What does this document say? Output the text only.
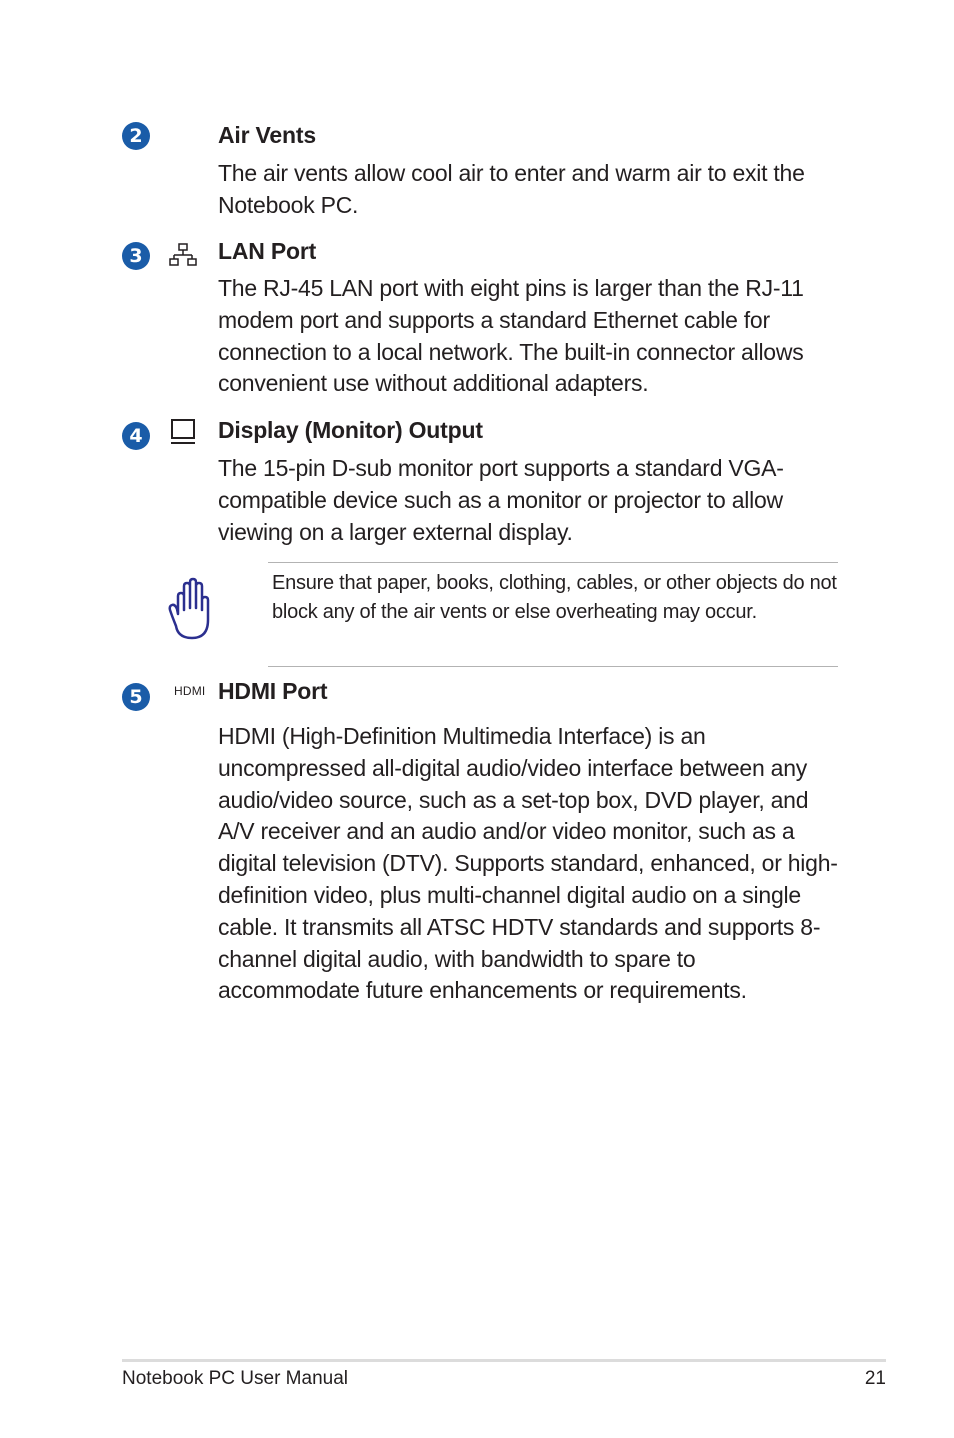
2	Air Vents

The air vents allow cool air to enter and warm air to exit the Notebook PC.

3	LAN Port

The RJ-45 LAN port with eight pins is larger than the RJ-11 modem port and supports a standard Ethernet cable for connection to a local network. The built-in connector allows convenient use without additional adapters.

4	Display (Monitor) Output

The 15-pin D-sub monitor port supports a standard VGA-compatible device such as a monitor or projector to allow viewing on a larger external display.

Ensure that paper, books, clothing, cables, or other objects do not block any of the air vents or else overheating may occur.

5	HDMI HDMI Port

HDMI (High-Definition Multimedia Interface) is an uncompressed all-digital audio/video interface between any audio/video source, such as a set-top box, DVD player, and A/V receiver and an audio and/or video monitor, such as a digital television (DTV). Supports standard, enhanced, or high-definition video, plus multi-channel digital audio on a single cable. It transmits all ATSC HDTV standards and supports 8-channel digital audio, with bandwidth to spare to accommodate future enhancements or requirements.

Notebook PC User Manual	21
